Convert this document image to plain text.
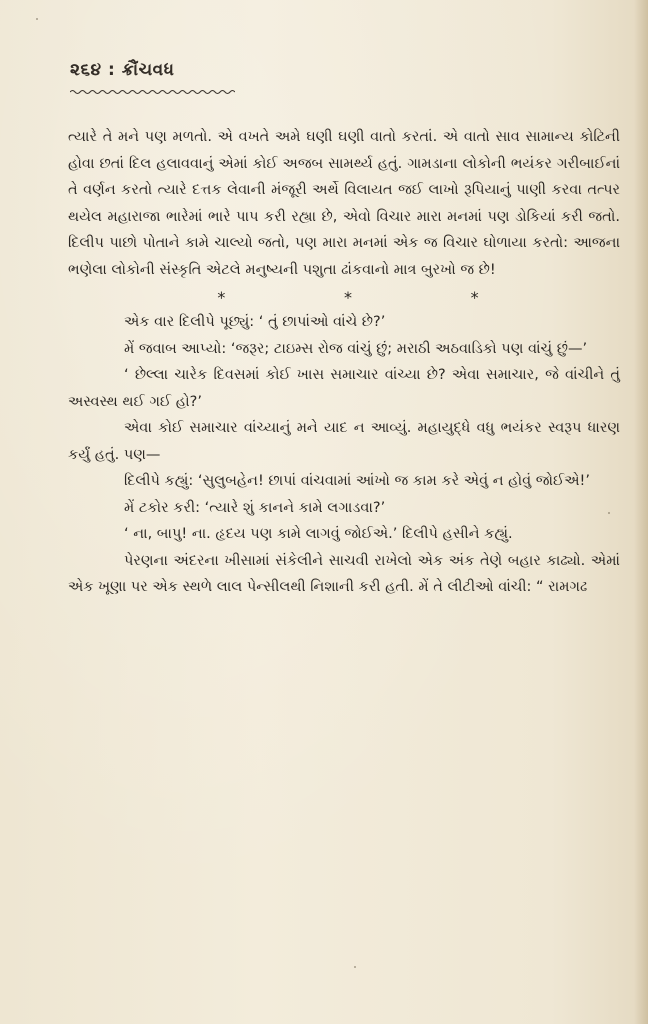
૨૬૪ : ક્રૌંચવધ

ત્યારે તે મને પણ મળતો. એ વખતે અમે ઘણી ઘણી વાતો કરતાં. એ વાતો સાવ સામાન્ય કોટિની હોવા છતાં દિલ હલાવવાનું એમાં કોઈ અજબ સામર્થ્ય હતું. ગામડાના લોકોની ભયંકર ગરીબાઈનાં તે વર્ણન કરતો ત્યારે દત્તક લેવાની મંજૂરી અર્થે વિલાયત જઈ લાખો રૂપિયાનું પાણી કરવા તત્પર થયેલ મહારાજા ભારેમાં ભારે પાપ કરી રહ્યા છે, એવો વિચાર મારા મનમાં પણ ડોકિયાં કરી જતો. દિલીપ પાછો પોતાને કામે ચાલ્યો જતો, પણ મારા મનમાં એક જ વિચાર ઘોળાયા કરતો: આજના ભણેલા લોકોની સંસ્કૃતિ એટલે મનુષ્યની પશુતા ઢાંકવાનો માત્ર બુરખો જ છે!

*	*	*

એક વાર દિલીપે પૂછ્યું: ‘ તું છાપાંઓ વાંચે છે?’

મેં જવાબ આપ્યો: ‘જરૂર; ટાઇમ્સ રોજ વાંચું છું; મરાઠી અઠવાડિકો પણ વાંચું છું—’

‘ છેલ્લા ચારેક દિવસમાં કોઈ ખાસ સમાચાર વાંચ્યા છે? એવા સમાચાર, જે વાંચીને તું અસ્વસ્થ થઈ ગઈ હો?’

એવા કોઈ સમાચાર વાંચ્યાનું મને યાદ ન આવ્યું. મહાયુદ્ધે વધુ ભયંકર સ્વરૂપ ધારણ કર્યું હતું. પણ—

દિલીપે કહ્યું: ‘સુલુબહેન! છાપાં વાંચવામાં આંખો જ કામ કરે એવું ન હોવું જોઈએ!’

મેં ટકોર કરી: ‘ત્યારે શું કાનને કામે લગાડવા?’

‘ ના, બાપુ! ના. હૃદય પણ કામે લાગવું જોઈએ.’ દિલીપે હસીને કહ્યું.

પેરણના અંદરના ખીસામાં સંકેલીને સાચવી રાખેલો એક અંક તેણે બહાર કાઢ્યો. એમાં એક ખૂણા પર એક સ્થળે લાલ પેન્સીલથી નિશાની કરી હતી. મેં તે લીટીઓ વાંચી: “ રામગઢ
